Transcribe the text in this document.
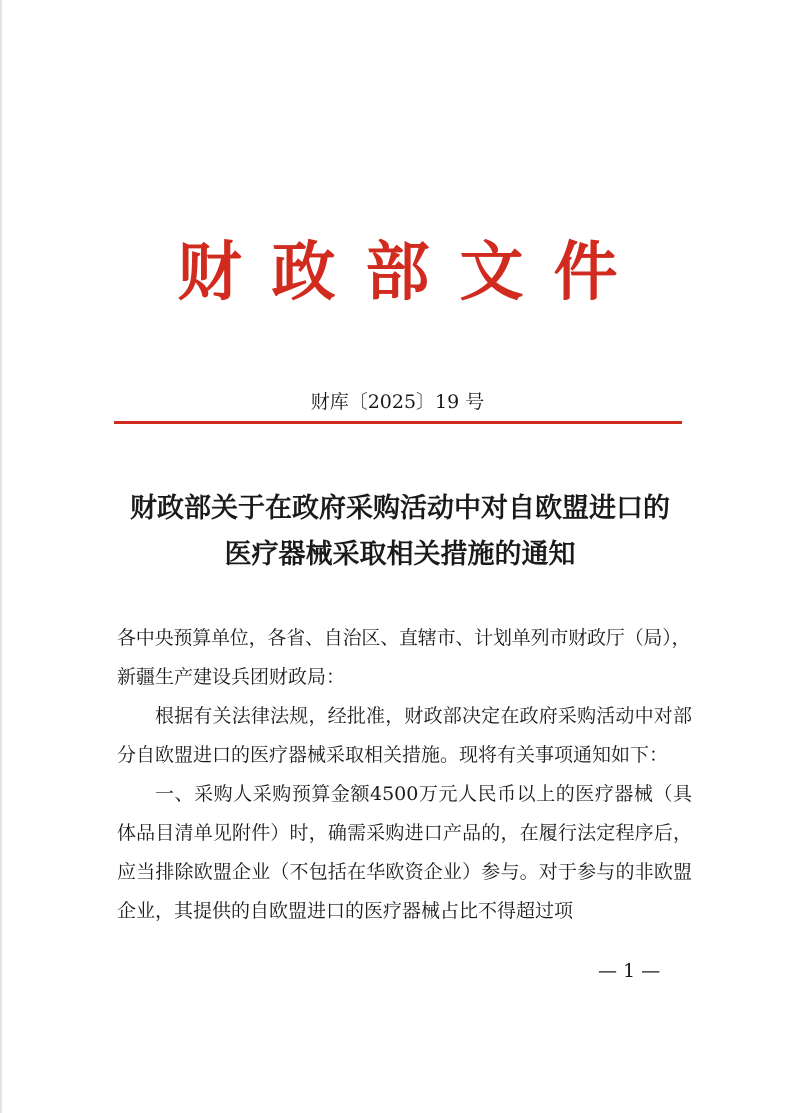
财政部文件
财库〔2025〕19 号
财政部关于在政府采购活动中对自欧盟进口的
医疗器械采取相关措施的通知

各中央预算单位，各省、自治区、直辖市、计划单列市财政厅（局），

新疆生产建设兵团财政局：

根据有关法律法规，经批准，财政部决定在政府采购活动中对部分自欧盟进口的医疗器械采取相关措施。现将有关事项通知如下：

一、采购人采购预算金额4500万元人民币以上的医疗器械（具体品目清单见附件）时，确需采购进口产品的，在履行法定程序后，应当排除欧盟企业（不包括在华欧资企业）参与。对于参与的非欧盟企业，其提供的自欧盟进口的医疗器械占比不得超过项

— 1 —
